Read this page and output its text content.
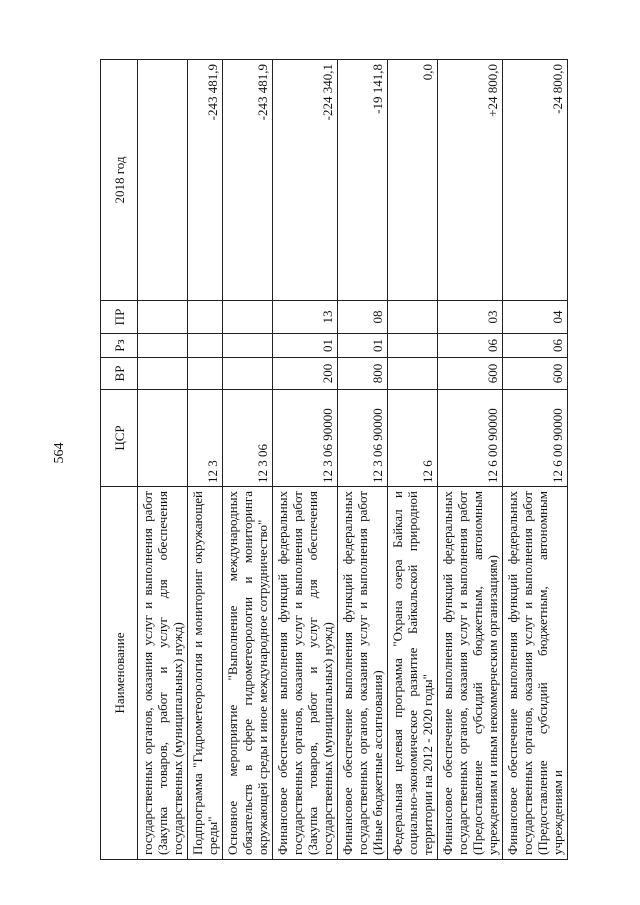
564
Наименование	ЦСР	ВР	Рз	ПР	2018 год
государственных органов, оказания услуг и выполнения работ (Закупка товаров, работ и услуг для обеспечения государственных (муниципальных) нужд)					
Подпрограмма "Гидрометеорология и мониторинг окружающей среды"	12 3				-243 481,9
Основное мероприятие "Выполнение международных обязательств в сфере гидрометеорологии и мониторинга окружающей среды и иное международное сотрудничество"	12 3 06				-243 481,9
Финансовое обеспечение выполнения функций федеральных государственных органов, оказания услуг и выполнения работ (Закупка товаров, работ и услуг для обеспечения государственных (муниципальных) нужд)	12 3 06 90000	200	01	13	-224 340,1
Финансовое обеспечение выполнения функций федеральных государственных органов, оказания услуг и выполнения работ (Иные бюджетные ассигнования)	12 3 06 90000	800	01	08	-19 141,8
Федеральная целевая программа "Охрана озера Байкал и социально-экономическое развитие Байкальской природной территории на 2012 - 2020 годы"	12 6				0,0
Финансовое обеспечение выполнения функций федеральных государственных органов, оказания услуг и выполнения работ (Предоставление субсидий бюджетным, автономным учреждениям и иным некоммерческим организациям)	12 6 00 90000	600	06	03	+24 800,0
Финансовое обеспечение выполнения функций федеральных государственных органов, оказания услуг и выполнения работ (Предоставление субсидий бюджетным, автономным учреждениям и	12 6 00 90000	600	06	04	-24 800,0
